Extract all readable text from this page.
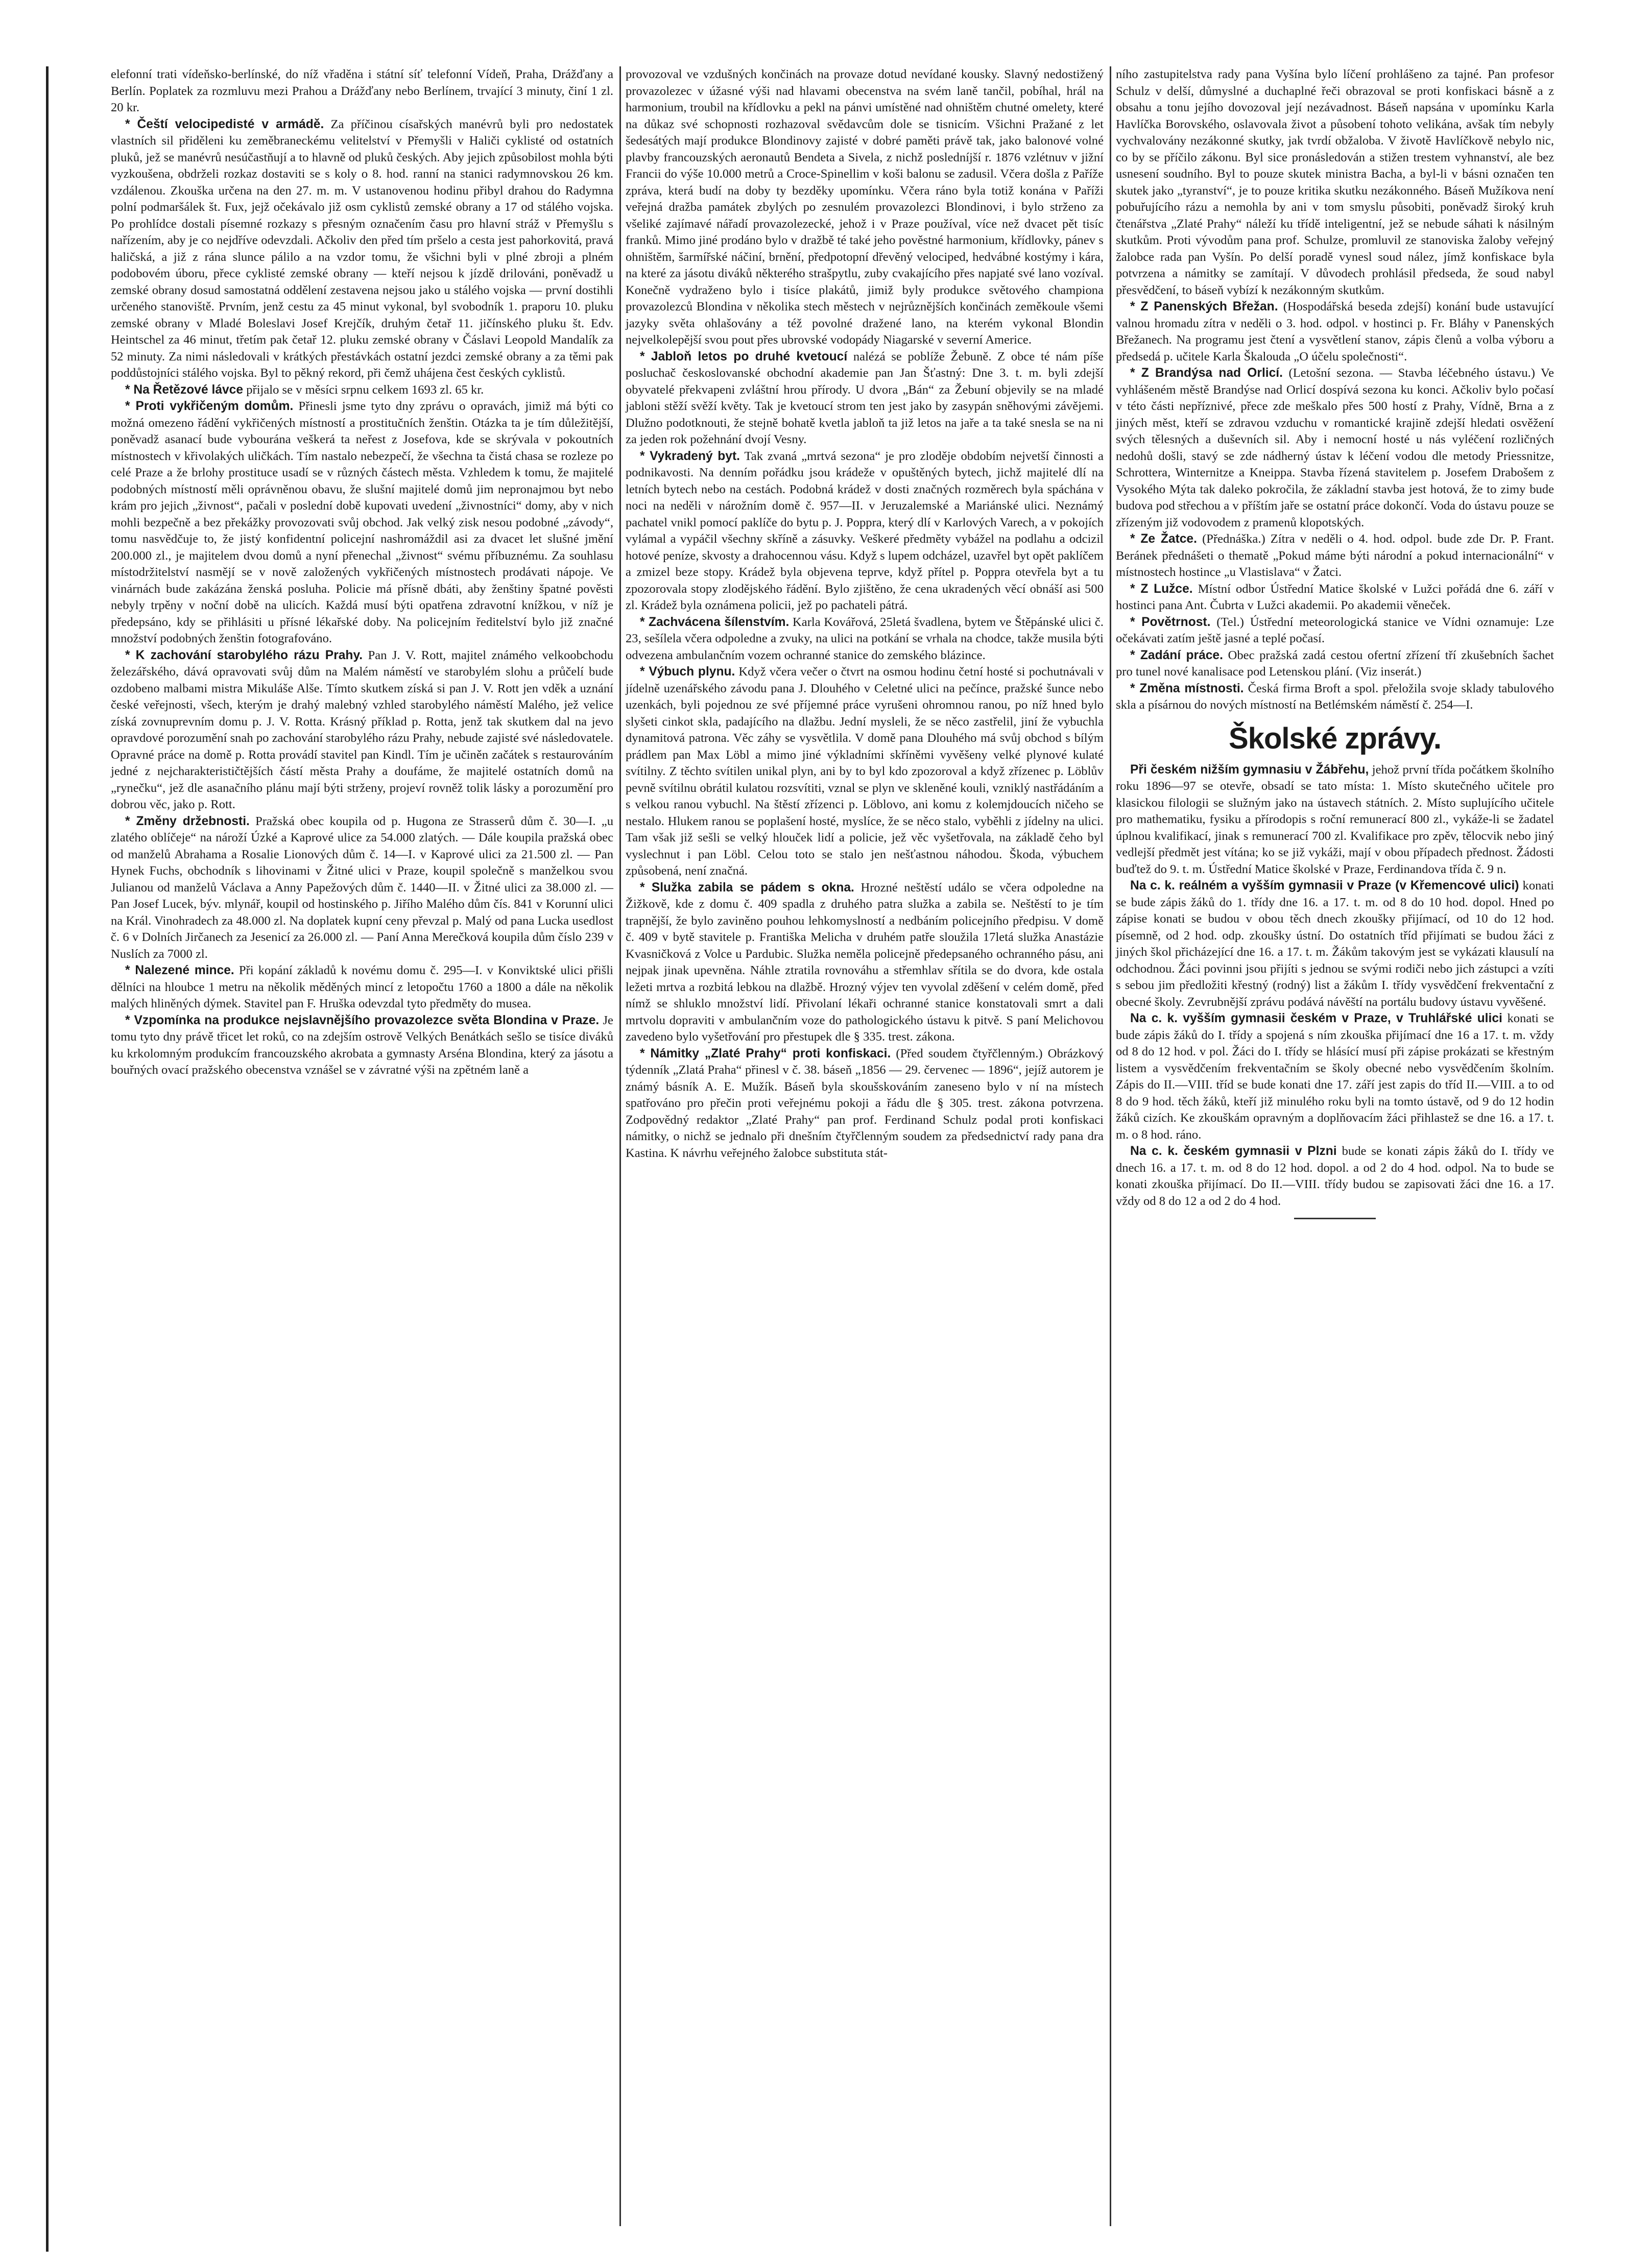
elefonní trati vídeňsko-berlínské, do níž vřaděna i státní síť telefonní Vídeň, Praha, Drážďany a Berlín. Poplatek za rozmluvu mezi Prahou a Drážďany nebo Berlínem, trvající 3 minuty, činí 1 zl. 20 kr.

* Čeští velocipedisté v armádě. Za příčinou císařských manévrů byli pro nedostatek vlastních sil přiděleni ku zeměbraneckému velitelství v Přemyšli v Haliči cyklisté od ostatních pluků, jež se manévrů nesúčastňují a to hlavně od pluků českých. Aby jejich způsobilost mohla býti vyzkoušena, obdrželi rozkaz dostaviti se s koly o 8. hod. ranní na stanici radymnovskou 26 km. vzdálenou. Zkouška určena na den 27. m. m. V ustanovenou hodinu přibyl drahou do Radymna polní podmaršálek št. Fux, jejž očekávalo již osm cyklistů zemské obrany a 17 od stálého vojska. Po prohlídce dostali písemné rozkazy s přesným označením času pro hlavní stráž v Přemyšlu s nařízením, aby je co nejdříve odevzdali. Ačkoliv den před tím pršelo a cesta jest pahorkovitá, pravá haličská, a již z rána slunce pálilo a na vzdor tomu, že všichni byli v plné zbroji a plném podobovém úboru, přece cyklisté zemské obrany — kteří nejsou k jízdě drilováni, poněvadž u zemské obrany dosud samostatná oddělení zestavena nejsou jako u stálého vojska — první dostihli určeného stanoviště. Prvním, jenž cestu za 45 minut vykonal, byl svobodník 1. praporu 10. pluku zemské obrany v Mladé Boleslavi Josef Krejčík, druhým četař 11. jičínského pluku št. Edv. Heintschel za 46 minut, třetím pak četař 12. pluku zemské obrany v Čáslavi Leopold Mandalík za 52 minuty. Za nimi následovali v krátkých přestávkách ostatní jezdci zemské obrany a za těmi pak poddůstojníci stálého vojska. Byl to pěkný rekord, při čemž uhájena čest českých cyklistů.

* Na Řetězové lávce přijalo se v měsíci srpnu celkem 1693 zl. 65 kr.

* Proti vykřičeným domům. Přinesli jsme tyto dny zprávu o opravách, jimiž má býti co možná omezeno řádění vykřičených místností a prostitučních ženštin. Otázka ta je tím důležitější, poněvadž asanací bude vybourána veškerá ta neřest z Josefova, kde se skrývala v pokoutních místnostech v křivolakých uličkách. Tím nastalo nebezpečí, že všechna ta čistá chasa se rozleze po celé Praze a že brlohy prostituce usadí se v různých částech města. Vzhledem k tomu, že majitelé podobných místností měli oprávněnou obavu, že slušní majitelé domů jim nepronajmou byt nebo krám pro jejich „živnost“, pačali v poslední době kupovati uvedení „živnostníci“ domy, aby v nich mohli bezpečně a bez překážky provozovati svůj obchod. Jak velký zisk nesou podobné „závody“, tomu nasvědčuje to, že jistý konfidentní policejní nashromáždil asi za dvacet let slušné jmění 200.000 zl., je majitelem dvou domů a nyní přenechal „živnost“ svému příbuznému. Za souhlasu místodržitelství nasmějí se v nově založených vykřičených místnostech prodávati nápoje. Ve vinárnách bude zakázána ženská posluha. Policie má přísně dbáti, aby ženštiny špatné pověsti nebyly trpěny v noční době na ulicích. Každá musí býti opatřena zdravotní knížkou, v níž je předepsáno, kdy se přihlásiti u přísné lékařské doby. Na policejním ředitelství bylo již značné množství podobných ženštin fotografováno.

* K zachování starobylého rázu Prahy. Pan J. V. Rott, majitel známého velkoobchodu železářského, dává opravovati svůj dům na Malém náměstí ve starobylém slohu a průčelí bude ozdobeno malbami mistra Mikuláše Alše. Tímto skutkem získá si pan J. V. Rott jen vděk a uznání české veřejnosti, všech, kterým je drahý malebný vzhled starobylého náměstí Malého, jež velice získá zovnuprevním domu p. J. V. Rotta. Krásný příklad p. Rotta, jenž tak skutkem dal na jevo opravdové porozumění snah po zachování starobylého rázu Prahy, nebude zajisté své následovatele. Opravné práce na domě p. Rotta provádí stavitel pan Kindl. Tím je učiněn začátek s restaurováním jedné z nejcharakterističtějších částí města Prahy a doufáme, že majitelé ostatních domů na „rynečku“, jež dle asanačního plánu mají býti strženy, projeví rovněž tolik lásky a porozumění pro dobrou věc, jako p. Rott.

* Změny držebnosti. Pražská obec koupila od p. Hugona ze Strasserů dům č. 30—I. „u zlatého oblíčeje“ na nároží Úzké a Kaprové ulice za 54.000 zlatých. — Dále koupila pražská obec od manželů Abrahama a Rosalie Lionových dům č. 14—I. v Kaprové ulici za 21.500 zl. — Pan Hynek Fuchs, obchodník s lihovinami v Žitné ulici v Praze, koupil společně s manželkou svou Julianou od manželů Václava a Anny Papežových dům č. 1440—II. v Žitné ulici za 38.000 zl. — Pan Josef Lucek, býv. mlynář, koupil od hostinského p. Jiřího Malého dům čís. 841 v Korunní ulici na Král. Vinohradech za 48.000 zl. Na doplatek kupní ceny převzal p. Malý od pana Lucka usedlost č. 6 v Dolních Jirčanech za Jesenicí za 26.000 zl. — Paní Anna Merečková koupila dům číslo 239 v Nuslích za 7000 zl.

* Nalezené mince. Při kopání základů k novému domu č. 295—I. v Konviktské ulici přišli dělníci na hloubce 1 metru na několik měděných mincí z letopočtu 1760 a 1800 a dále na několik malých hliněných dýmek. Stavitel pan F. Hruška odevzdal tyto předměty do musea.

* Vzpomínka na produkce nejslavnějšího provazolezce světa Blondina v Praze. Je tomu tyto dny právě třicet let roků, co na zdejším ostrově Velkých Benátkách sešlo se tisíce diváků ku krkolomným produkcím francouzského akrobata a gymnasty Arséna Blondina, který za jásotu a bouřných ovací pražského obecenstva vznášel se v závratné výši na zpětném laně a

provozoval ve vzdušných končinách na provaze dotud nevídané kousky. Slavný nedostižený provazolezec v úžasné výši nad hlavami obecenstva na svém laně tančil, pobíhal, hrál na harmonium, troubil na křídlovku a pekl na pánvi umístěné nad ohništěm chutné omelety, které na důkaz své schopnosti rozhazoval svědavcům dole se tisnicím. Všichni Pražané z let šedesátých mají produkce Blondinovy zajisté v dobré paměti právě tak, jako balonové volné plavby francouzských aeronautů Bendeta a Sivela, z nichž posledníjší r. 1876 vzlétnuv v jižní Francii do výše 10.000 metrů a Croce-Spinellim v koši balonu se zadusil. Včera došla z Paříže zpráva, která budí na doby ty bezděky upomínku. Včera ráno byla totiž konána v Paříži veřejná dražba památek zbylých po zesnulém provazolezci Blondinovi, i bylo strženo za všeliké zajímavé nářadí provazolezecké, jehož i v Praze používal, více než dvacet pět tisíc franků. Mimo jiné prodáno bylo v dražbě té také jeho pověstné harmonium, křídlovky, pánev s ohništěm, šarmířské náčiní, brnění, předpotopní dřevěný velociped, hedvábné kostýmy i kára, na které za jásotu diváků některého strašpytlu, zuby cvakajícího přes napjaté své lano vozíval. Konečně vydraženo bylo i tisíce plakátů, jimiž byly produkce světového championa provazolezců Blondina v několika stech městech v nejrůznějších končinách zeměkoule všemi jazyky světa ohlašovány a též povolné dražené lano, na kterém vykonal Blondin nejvelkolepější svou pout přes ubrovské vodopády Niagarské v severní Americe.

* Jabloň letos po druhé kvetoucí nalézá se poblíže Žebuně. Z obce té nám píše posluchač českoslovanské obchodní akademie pan Jan Šťastný: Dne 3. t. m. byli zdejší obyvatelé překvapeni zvláštní hrou přírody. U dvora „Bán“ za Žebuní objevily se na mladé jabloni stěží svěží květy. Tak je kvetoucí strom ten jest jako by zasypán sněhovými závějemi. Dlužno podotknouti, že stejně bohatě kvetla jabloň ta již letos na jaře a ta také snesla se na ni za jeden rok požehnání dvojí Vesny.

* Vykradený byt. Tak zvaná „mrtvá sezona“ je pro zloděje obdobím nejvetší činnosti a podnikavosti. Na denním pořádku jsou krádeže v opuštěných bytech, jichž majitelé dlí na letních bytech nebo na cestách. Podobná krádež v dosti značných rozměrech byla spáchána v noci na neděli v nárožním domě č. 957—II. v Jeruzalemské a Mariánské ulici. Neznámý pachatel vnikl pomocí paklíče do bytu p. J. Poppra, který dlí v Karlových Varech, a v pokojích vylámal a vypáčil všechny skříně a zásuvky. Veškeré předměty vybážel na podlahu a odcizil hotové peníze, skvosty a drahocennou vásu. Když s lupem odcházel, uzavřel byt opět paklíčem a zmizel beze stopy. Krádež byla objevena teprve, když přítel p. Poppra otevřela byt a tu zpozorovala stopy zlodějského řádění. Bylo zjištěno, že cena ukradených věcí obnáší asi 500 zl. Krádež byla oznámena policii, jež po pachateli pátrá.

* Zachvácena šílenstvím. Karla Kovářová, 25letá švadlena, bytem ve Štěpánské ulici č. 23, sešílela včera odpoledne a zvuky, na ulici na potkání se vrhala na chodce, takže musila býti odvezena ambulančním vozem ochranné stanice do zemského blázince.

* Výbuch plynu. Když včera večer o čtvrt na osmou hodinu četní hosté si pochutnávali v jídelně uzenářského závodu pana J. Dlouhého v Celetné ulici na pečínce, pražské šunce nebo uzenkách, byli pojednou ze své příjemné práce vyrušeni ohromnou ranou, po níž hned bylo slyšeti cinkot skla, padajícího na dlažbu. Jední mysleli, že se něco zastřelil, jiní že vybuchla dynamitová patrona. Věc záhy se vysvětlila. V domě pana Dlouhého má svůj obchod s bílým prádlem pan Max Löbl a mimo jiné výkladními skříněmi vyvěšeny velké plynové kulaté svítilny. Z těchto svítilen unikal plyn, ani by to byl kdo zpozoroval a když zřízenec p. Löblův pevně svítilnu obrátil kulatou rozsvítiti, vznal se plyn ve skleněné kouli, vzniklý nastřádáním a s velkou ranou vybuchl. Na štěstí zřízenci p. Löblovo, ani komu z kolemjdoucích ničeho se nestalo. Hlukem ranou se poplašení hosté, myslíce, že se něco stalo, vyběhli z jídelny na ulici. Tam však již sešli se velký hlouček lidí a policie, jež věc vyšetřovala, na základě čeho byl vyslechnut i pan Löbl. Celou toto se stalo jen nešťastnou náhodou. Škoda, výbuchem způsobená, není značná.

* Služka zabila se pádem s okna. Hrozné neštěstí událo se včera odpoledne na Žižkově, kde z domu č. 409 spadla z druhého patra služka a zabila se. Neštěstí to je tím trapnější, že bylo zaviněno pouhou lehkomyslností a nedbáním policejního předpisu. V domě č. 409 v bytě stavitele p. Františka Melicha v druhém patře sloužila 17letá služka Anastázie Kvasničková z Volce u Pardubic. Služka neměla policejně předepsaného ochranného pásu, ani nejpak jinak upevněna. Náhle ztratila rovnováhu a střemhlav sřítila se do dvora, kde ostala ležeti mrtva a rozbitá lebkou na dlažbě. Hrozný výjev ten vyvolal zděšení v celém domě, před nímž se shluklo množství lidí. Přivolaní lékaři ochranné stanice konstatovali smrt a dali mrtvolu dopraviti v ambulančním voze do pathologického ústavu k pitvě. S paní Melichovou zavedeno bylo vyšetřování pro přestupek dle § 335. trest. zákona.

* Námitky „Zlaté Prahy“ proti konfiskaci. (Před soudem čtyřčlenným.) Obrázkový týdenník „Zlatá Praha“ přinesl v č. 38. báseň „1856 — 29. červenec — 1896“, jejíž autorem je známý básník A. E. Mužík. Báseň byla skoušskováním zaneseno bylo v ní na místech spatřováno pro přečin proti veřejnému pokoji a řádu dle § 305. trest. zákona potvrzena. Zodpovědný redaktor „Zlaté Prahy“ pan prof. Ferdinand Schulz podal proti konfiskaci námitky, o nichž se jednalo při dnešním čtyřčlenným soudem za předsednictví rady pana dra Kastina. K návrhu veřejného žalobce substituta stát-

ního zastupitelstva rady pana Vyšína bylo líčení prohlášeno za tajné. Pan profesor Schulz v delší, důmyslné a duchaplné řeči obrazoval se proti konfiskaci básně a z obsahu a tonu jejího dovozoval její nezávadnost. Báseň napsána v upomínku Karla Havlíčka Borovského, oslavovala život a působení tohoto velikána, avšak tím nebyly vychvalovány nezákonné skutky, jak tvrdí obžaloba. V životě Havlíčkově nebylo nic, co by se příčilo zákonu. Byl sice pronásledován a stižen trestem vyhnanství, ale bez usnesení soudního. Byl to pouze skutek ministra Bacha, a byl-li v básni označen ten skutek jako „tyranství“, je to pouze kritika skutku nezákonného. Báseň Mužíkova není pobuřujícího rázu a nemohla by ani v tom smyslu působiti, poněvadž široký kruh čtenářstva „Zlaté Prahy“ náleží ku třídě inteligentní, jež se nebude sáhati k násilným skutkům. Proti vývodům pana prof. Schulze, promluvil ze stanoviska žaloby veřejný žalobce rada pan Vyšín. Po delší poradě vynesl soud nález, jímž konfiskace byla potvrzena a námitky se zamítají. V důvodech prohlásil předseda, že soud nabyl přesvědčení, to báseň vybízí k nezákonným skutkům.

* Z Panenských Břežan. (Hospodářská beseda zdejší) konání bude ustavující valnou hromadu zítra v neděli o 3. hod. odpol. v hostinci p. Fr. Bláhy v Panenských Břežanech. Na programu jest čtení a vysvětlení stanov, zápis členů a volba výboru a předsedá p. učitele Karla Škalouda „O účelu společnosti“.

* Z Brandýsa nad Orlicí. (Letošní sezona. — Stavba léčebného ústavu.) Ve vyhlášeném městě Brandýse nad Orlicí dospívá sezona ku konci. Ačkoliv bylo počasí v této části nepříznivé, přece zde meškalo přes 500 hostí z Prahy, Vídně, Brna a z jiných měst, kteří se zdravou vzduchu v romantické krajině zdejší hledati osvěžení svých tělesných a duševních sil. Aby i nemocní hosté u nás vyléčení rozličných nedohů došli, stavý se zde nádherný ústav k léčení vodou dle metody Priessnitze, Schrottera, Winternitze a Kneippa. Stavba řízená stavitelem p. Josefem Drabošem z Vysokého Mýta tak daleko pokročila, že základní stavba jest hotová, že to zimy bude budova pod střechou a v příštím jaře se ostatní práce dokončí. Voda do ústavu pouze se zřízeným již vodovodem z pramenů klopotských.

* Ze Žatce. (Přednáška.) Zítra v neděli o 4. hod. odpol. bude zde Dr. P. Frant. Beránek přednášeti o thematě „Pokud máme býti národní a pokud internacionální“ v místnostech hostince „u Vlastislava“ v Žatci.

* Z Lužce. Místní odbor Ústřední Matice školské v Lužci pořádá dne 6. září v hostinci pana Ant. Čubrta v Lužci akademii. Po akademii věneček.

* Povětrnost. (Tel.) Ústřední meteorologická stanice ve Vídni oznamuje: Lze očekávati zatím ještě jasné a teplé počasí.

* Zadání práce. Obec pražská zadá cestou ofertní zřízení tří zkušebních šachet pro tunel nové kanalisace pod Letenskou plání. (Viz inserát.)

* Změna místnosti. Česká firma Broft a spol. přeložila svoje sklady tabulového skla a písárnou do nových místností na Betlémském náměstí č. 254—I.

Školské zprávy.

Při českém nižším gymnasiu v Žábřehu, jehož první třída počátkem školního roku 1896—97 se otevře, obsadí se tato místa: 1. Místo skutečného učitele pro klasickou filologii se služným jako na ústavech státních. 2. Místo suplujícího učitele pro mathematiku, fysiku a přírodopis s roční remunerací 800 zl., vykáže-li se žadatel úplnou kvalifikací, jinak s remunerací 700 zl. Kvalifikace pro zpěv, tělocvik nebo jiný vedlejší předmět jest vítána; ko se již vykáži, mají v obou případech přednost. Žádosti buďtež do 9. t. m. Ústřední Matice školské v Praze, Ferdinandova třída č. 9 n.

Na c. k. reálném a vyšším gymnasii v Praze (v Křemencové ulici) konati se bude zápis žáků do 1. třídy dne 16. a 17. t. m. od 8 do 10 hod. dopol. Hned po zápise konati se budou v obou těch dnech zkoušky přijímací, od 10 do 12 hod. písemně, od 2 hod. odp. zkoušky ústní. Do ostatních tříd přijímati se budou žáci z jiných škol přicházející dne 16. a 17. t. m. Žákům takovým jest se vykázati klausulí na odchodnou. Žáci povinni jsou přijíti s jednou se svými rodiči nebo jich zástupci a vzíti s sebou jim předložiti křestný (rodný) list a žákům I. třídy vysvědčení frekventační z obecné školy. Zevrubnější zprávu podává návěští na portálu budovy ústavu vyvěšené.

Na c. k. vyšším gymnasii českém v Praze, v Truhlářské ulici konati se bude zápis žáků do I. třídy a spojená s ním zkouška přijímací dne 16 a 17. t. m. vždy od 8 do 12 hod. v pol. Žáci do I. třídy se hlásící musí při zápise prokázati se křestným listem a vysvědčením frekventačním se školy obecné nebo vysvědčením školním. Zápis do II.—VIII. tříd se bude konati dne 17. září jest zapis do tříd II.—VIII. a to od 8 do 9 hod. těch žáků, kteří již minulého roku byli na tomto ústavě, od 9 do 12 hodin žáků cizích. Ke zkouškám opravným a doplňovacím žáci přihlastež se dne 16. a 17. t. m. o 8 hod. ráno.

Na c. k. českém gymnasii v Plzni bude se konati zápis žáků do I. třídy ve dnech 16. a 17. t. m. od 8 do 12 hod. dopol. a od 2 do 4 hod. odpol. Na to bude se konati zkouška přijímací. Do II.—VIII. třídy budou se zapisovati žáci dne 16. a 17. vždy od 8 do 12 a od 2 do 4 hod.
